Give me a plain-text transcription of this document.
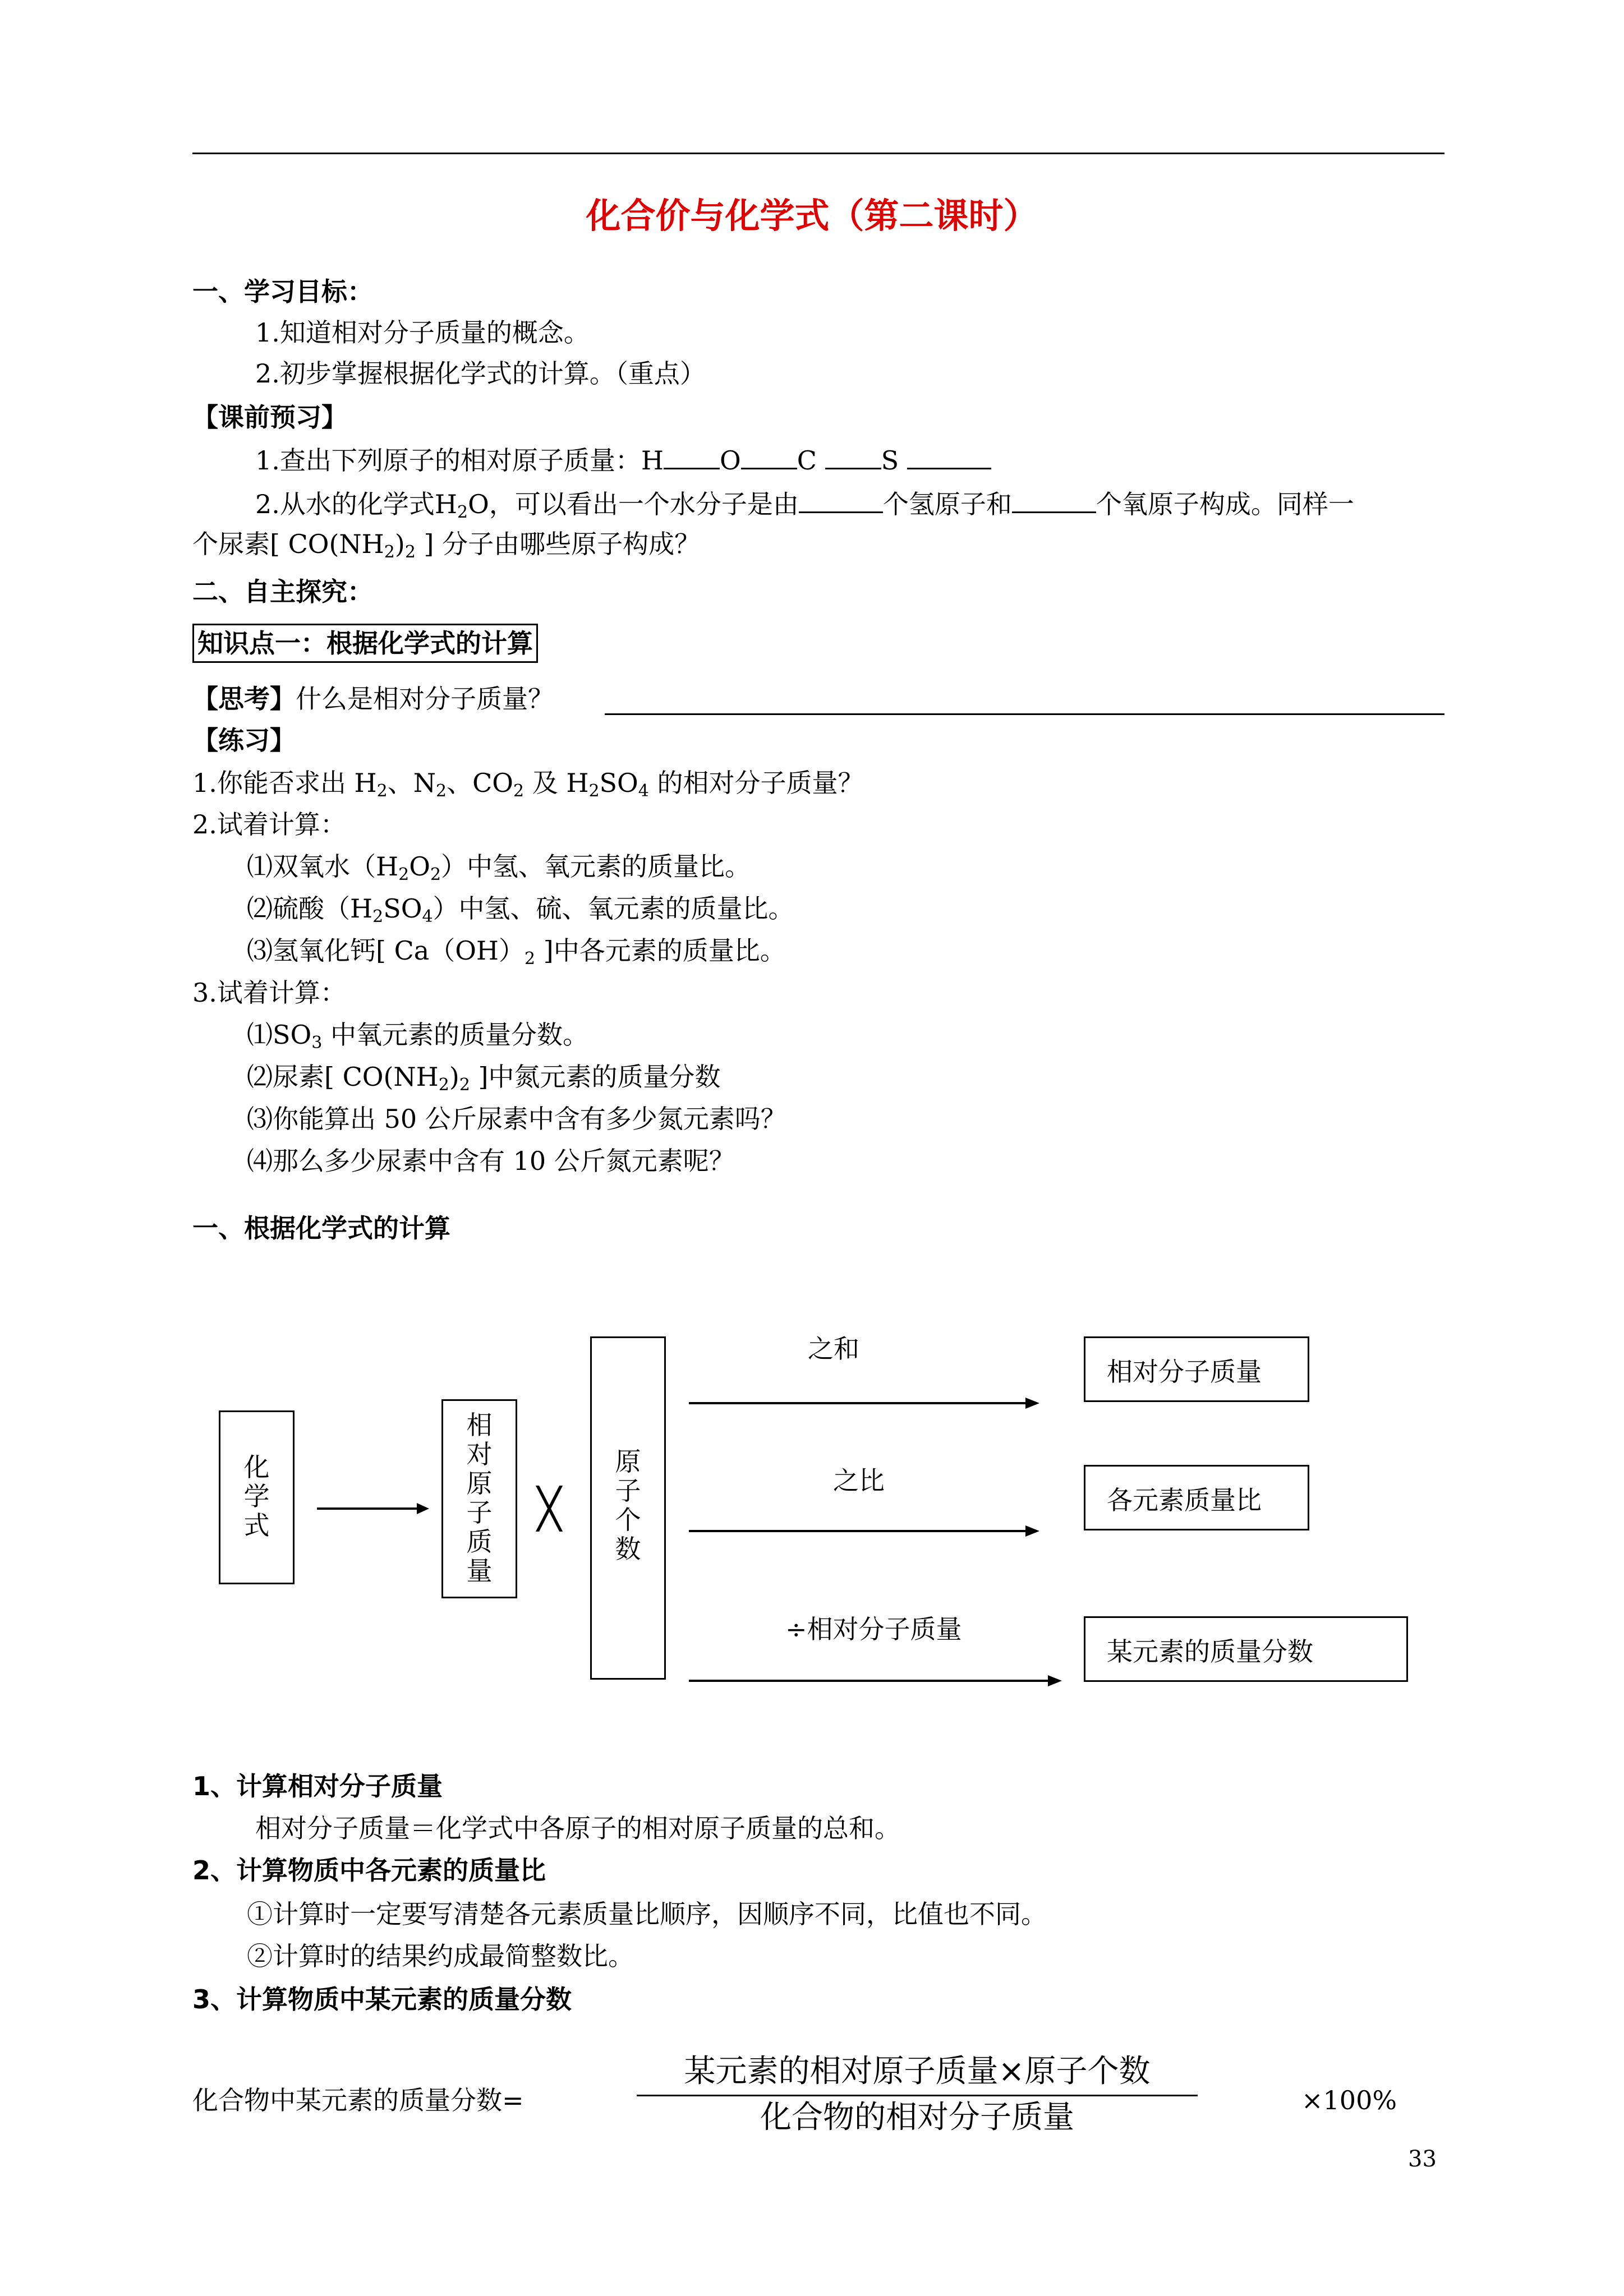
化合价与化学式（第二课时）
一、学习目标：
1.知道相对分子质量的概念。
2.初步掌握根据化学式的计算。（重点）
【课前预习】
1.查出下列原子的相对原子质量：H O C S
2.从水的化学式$H_2O$，可以看出一个水分子是由	个氢原子和	个氧原子构成。同样一
个尿素[ $CO(NH_2)_2$ ] 分子由哪些原子构成？
二、自主探究：
知识点一：根据化学式的计算
【思考】什么是相对分子质量？
【练习】
1.你能否求出 $H_2$、$N_2$、$CO_2$ 及 $H_2SO_4$ 的相对分子质量？
2.试着计算：
⑴双氧水$(H_2O_2)$中氢、氧元素的质量比。
⑵硫酸$(H_2SO_4)$中氢、硫、氧元素的质量比。
⑶氢氧化钙[ $Ca(OH)_2$ ]中各元素的质量比。
3.试着计算：
$⑴SO_3$ 中氧元素的质量分数。
⑵尿素[ $CO(NH_2)_2$ ]中氮元素的质量分数
⑶你能算出 50 公斤尿素中含有多少氮元素吗？
⑷那么多少尿素中含有 10 公斤氮元素呢？
一、根据化学式的计算
化学式
相对原子质量
╳
原子个数
之和
之比
÷相对分子质量
相对分子质量
各元素质量比
某元素的质量分数
1、计算相对分子质量
相对分子质量＝化学式中各原子的相对原子质量的总和。
2、计算物质中各元素的质量比
①计算时一定要写清楚各元素质量比顺序，因顺序不同，比值也不同。
②计算时的结果约成最简整数比。
3、计算物质中某元素的质量分数
化合物中某元素的质量分数=
某元素的相对原子质量×原子个数
化合物的相对分子质量	×100%
33
